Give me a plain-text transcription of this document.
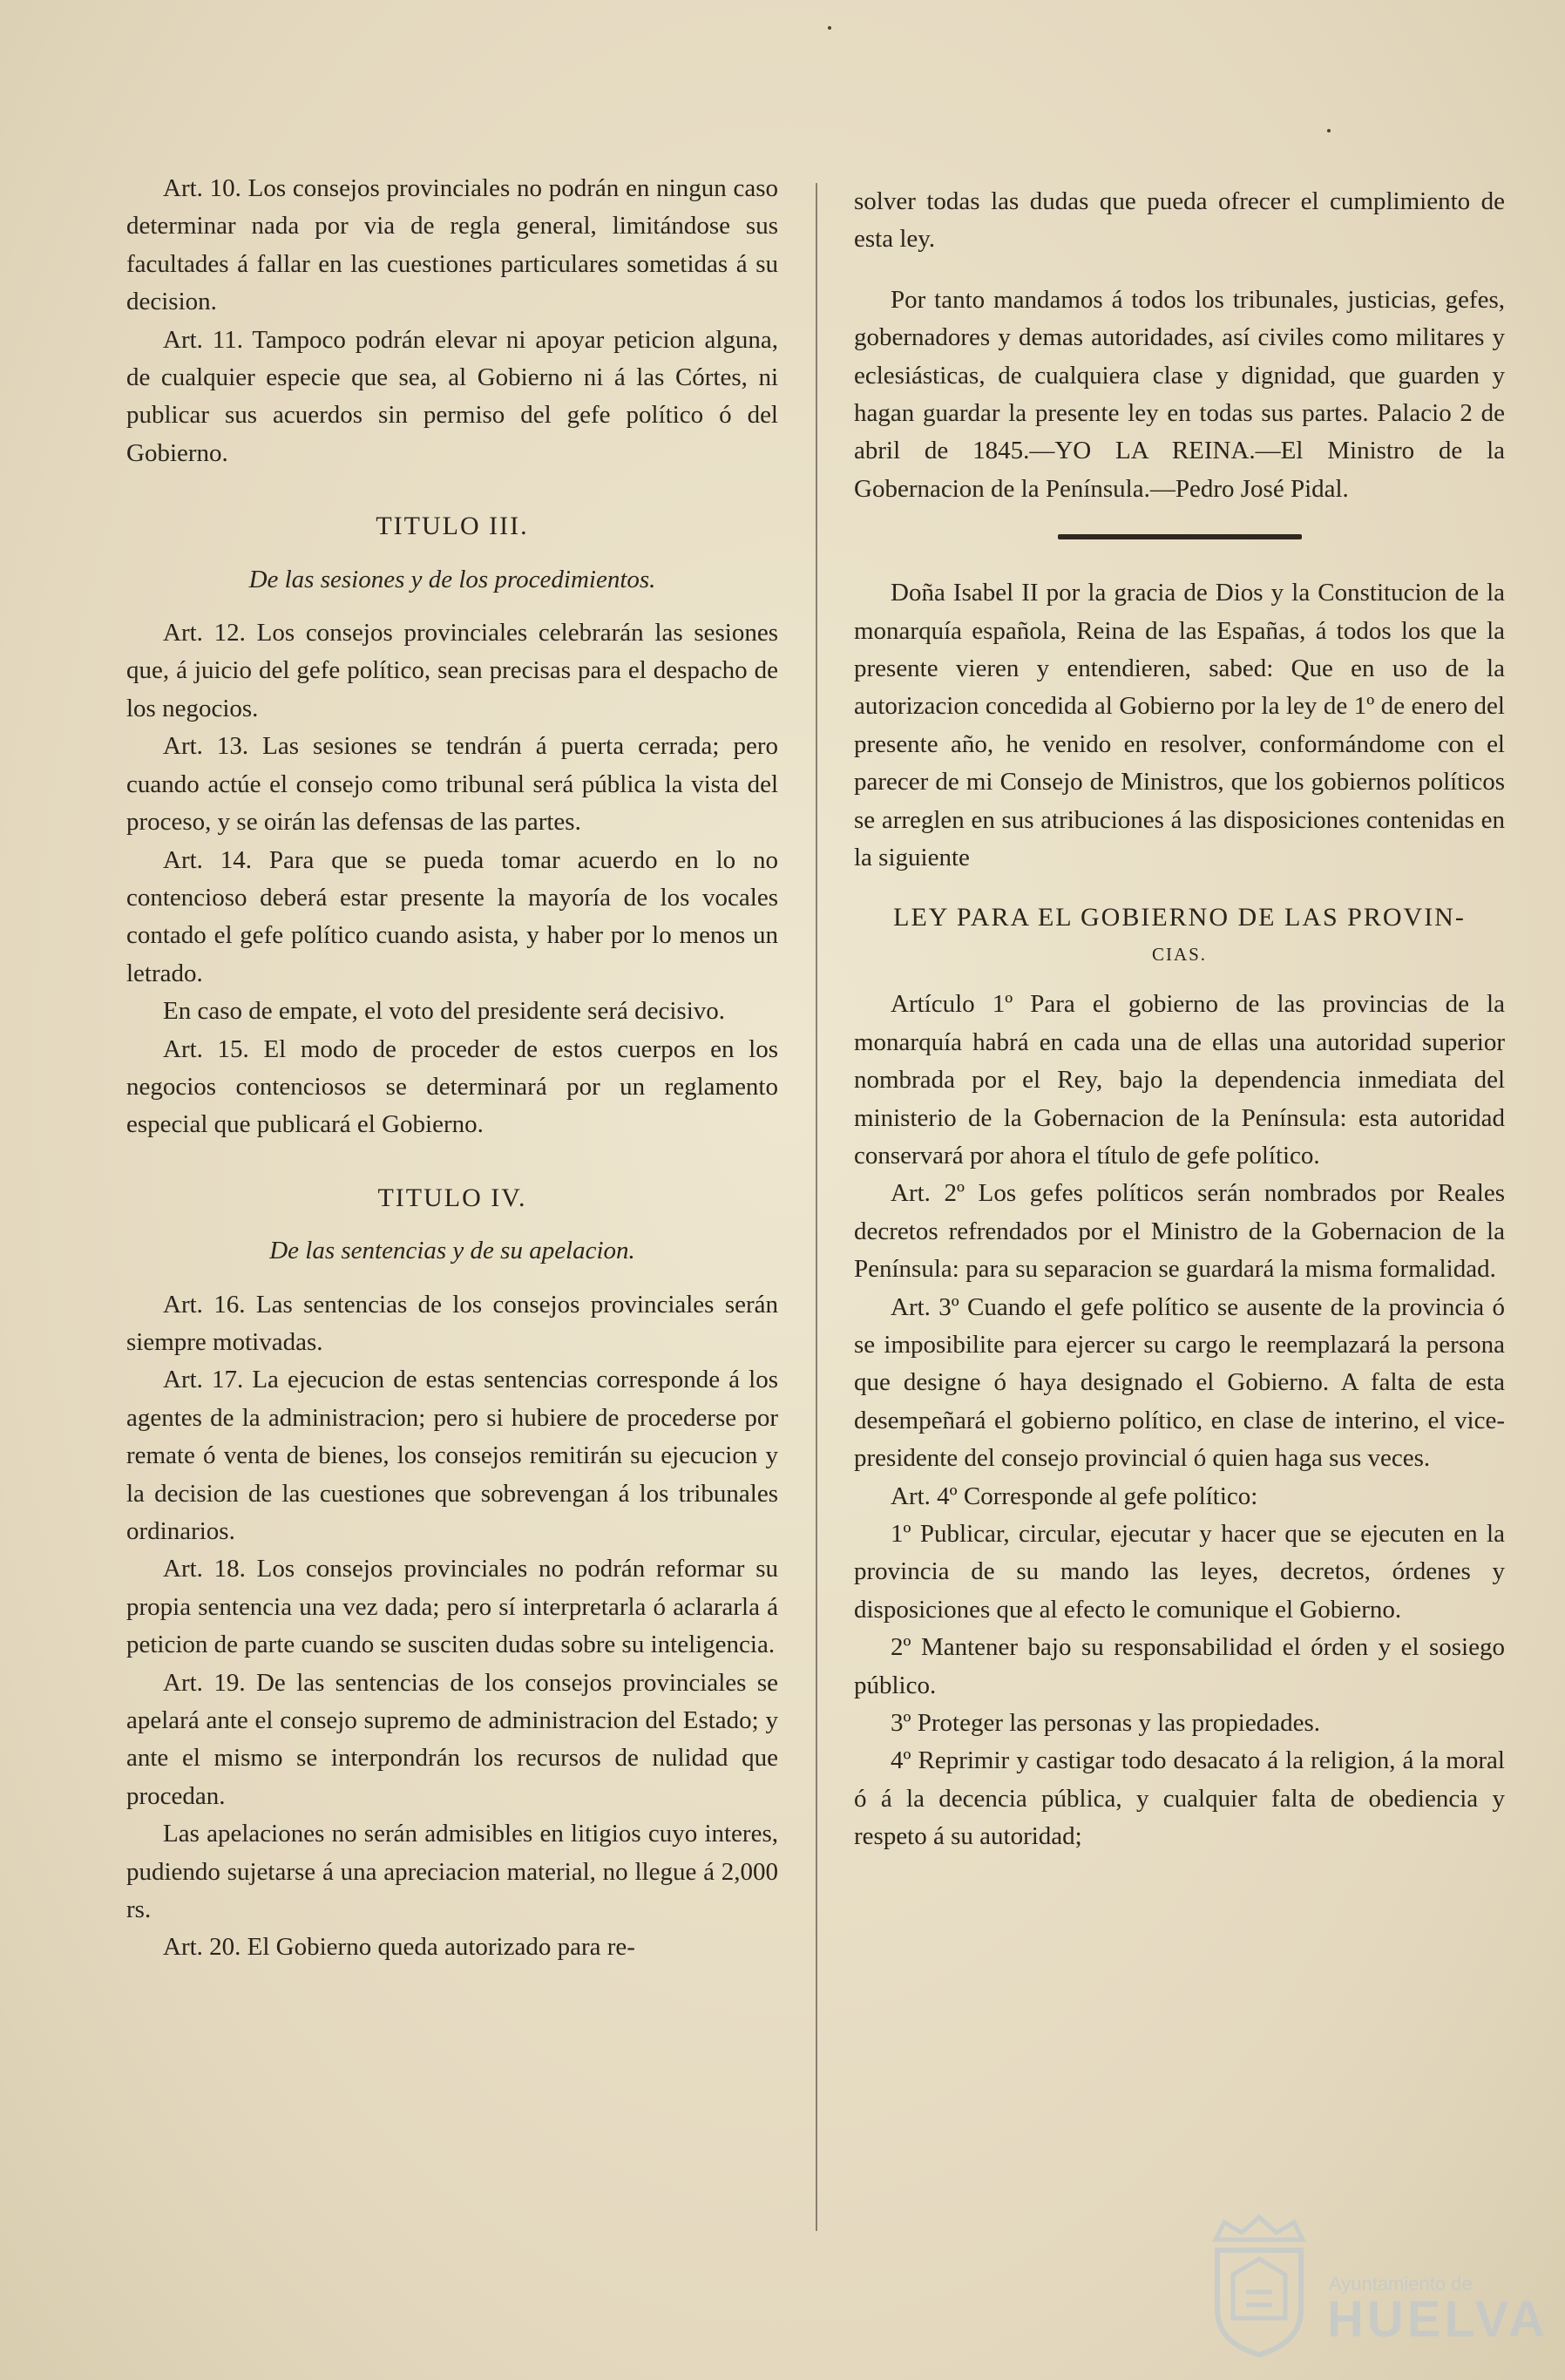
Art. 10. Los consejos provinciales no podrán en ningun caso determinar nada por via de regla general, limitándose sus facultades á fallar en las cuestiones particulares sometidas á su decision.

Art. 11. Tampoco podrán elevar ni apoyar peticion alguna, de cualquier especie que sea, al Gobierno ni á las Córtes, ni publicar sus acuerdos sin permiso del gefe político ó del Gobierno.

TITULO III.
De las sesiones y de los procedimientos.

Art. 12. Los consejos provinciales celebrarán las sesiones que, á juicio del gefe político, sean precisas para el despacho de los negocios.

Art. 13. Las sesiones se tendrán á puerta cerrada; pero cuando actúe el consejo como tribunal será pública la vista del proceso, y se oirán las defensas de las partes.

Art. 14. Para que se pueda tomar acuerdo en lo no contencioso deberá estar presente la mayoría de los vocales contado el gefe político cuando asista, y haber por lo menos un letrado.

En caso de empate, el voto del presidente será decisivo.

Art. 15. El modo de proceder de estos cuerpos en los negocios contenciosos se determinará por un reglamento especial que publicará el Gobierno.

TITULO IV.
De las sentencias y de su apelacion.

Art. 16. Las sentencias de los consejos provinciales serán siempre motivadas.

Art. 17. La ejecucion de estas sentencias corresponde á los agentes de la administracion; pero si hubiere de procederse por remate ó venta de bienes, los consejos remitirán su ejecucion y la decision de las cuestiones que sobrevengan á los tribunales ordinarios.

Art. 18. Los consejos provinciales no podrán reformar su propia sentencia una vez dada; pero sí interpretarla ó aclararla á peticion de parte cuando se susciten dudas sobre su inteligencia.

Art. 19. De las sentencias de los consejos provinciales se apelará ante el consejo supremo de administracion del Estado; y ante el mismo se interpondrán los recursos de nulidad que procedan.

Las apelaciones no serán admisibles en litigios cuyo interes, pudiendo sujetarse á una apreciacion material, no llegue á 2,000 rs.

Art. 20. El Gobierno queda autorizado para re-

solver todas las dudas que pueda ofrecer el cumplimiento de esta ley.

Por tanto mandamos á todos los tribunales, justicias, gefes, gobernadores y demas autoridades, así civiles como militares y eclesiásticas, de cualquiera clase y dignidad, que guarden y hagan guardar la presente ley en todas sus partes. Palacio 2 de abril de 1845.—YO LA REINA.—El Ministro de la Gobernacion de la Península.—Pedro José Pidal.

Doña Isabel II por la gracia de Dios y la Constitucion de la monarquía española, Reina de las Españas, á todos los que la presente vieren y entendieren, sabed: Que en uso de la autorizacion concedida al Gobierno por la ley de 1º de enero del presente año, he venido en resolver, conformándome con el parecer de mi Consejo de Ministros, que los gobiernos políticos se arreglen en sus atribuciones á las disposiciones contenidas en la siguiente

LEY PARA EL GOBIERNO DE LAS PROVIN-
CIAS.

Artículo 1º Para el gobierno de las provincias de la monarquía habrá en cada una de ellas una autoridad superior nombrada por el Rey, bajo la dependencia inmediata del ministerio de la Gobernacion de la Península: esta autoridad conservará por ahora el título de gefe político.

Art. 2º Los gefes políticos serán nombrados por Reales decretos refrendados por el Ministro de la Gobernacion de la Península: para su separacion se guardará la misma formalidad.

Art. 3º Cuando el gefe político se ausente de la provincia ó se imposibilite para ejercer su cargo le reemplazará la persona que designe ó haya designado el Gobierno. A falta de esta desempeñará el gobierno político, en clase de interino, el vice-presidente del consejo provincial ó quien haga sus veces.

Art. 4º Corresponde al gefe político:

1º Publicar, circular, ejecutar y hacer que se ejecuten en la provincia de su mando las leyes, decretos, órdenes y disposiciones que al efecto le comunique el Gobierno.

2º Mantener bajo su responsabilidad el órden y el sosiego público.

3º Proteger las personas y las propiedades.

4º Reprimir y castigar todo desacato á la religion, á la moral ó á la decencia pública, y cualquier falta de obediencia y respeto á su autoridad;

Ayuntamiento de
HUELVA
